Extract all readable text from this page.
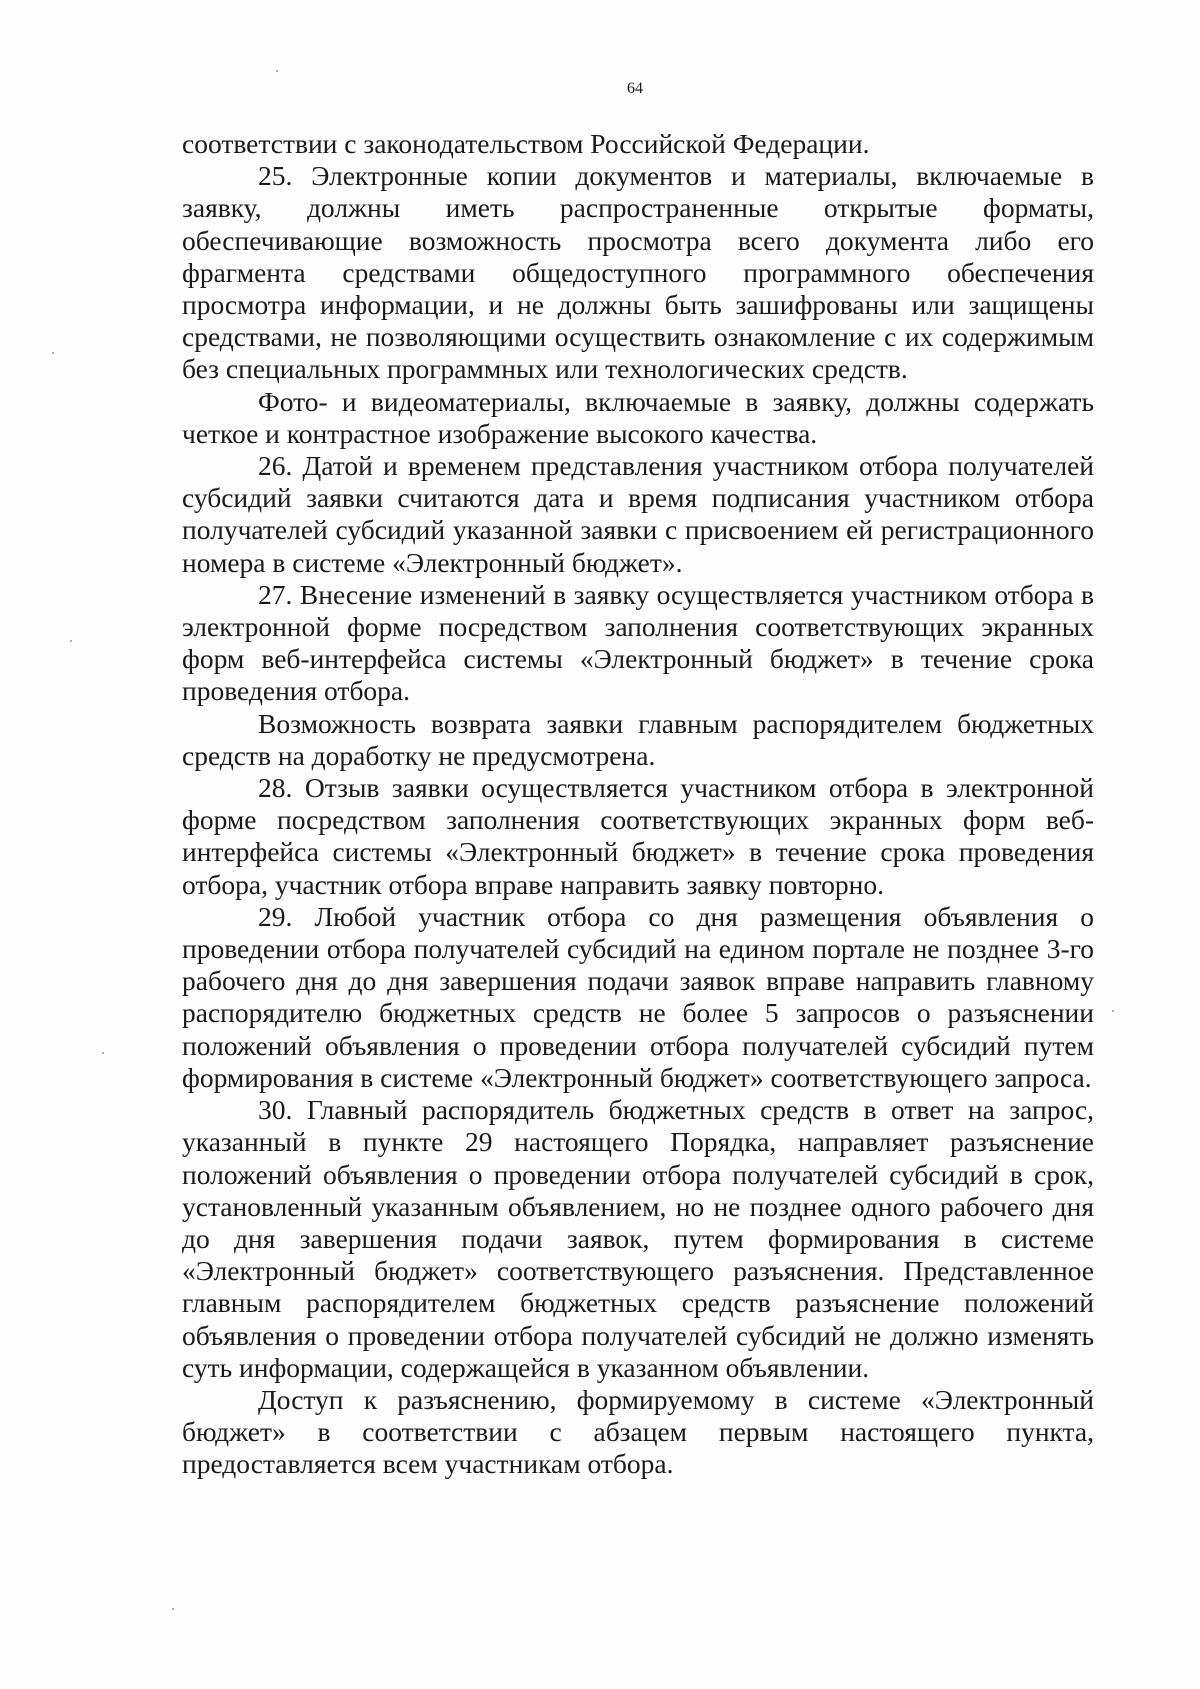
64

соответствии с законодательством Российской Федерации.

25. Электронные копии документов и материалы, включаемые в заявку, должны иметь распространенные открытые форматы, обеспечивающие возможность просмотра всего документа либо его фрагмента средствами общедоступного программного обеспечения просмотра информации, и не должны быть зашифрованы или защищены средствами, не позволяющими осуществить ознакомление с их содержимым без специальных программных или технологических средств.

Фото- и видеоматериалы, включаемые в заявку, должны содержать четкое и контрастное изображение высокого качества.

26. Датой и временем представления участником отбора получателей субсидий заявки считаются дата и время подписания участником отбора получателей субсидий указанной заявки с присвоением ей регистрационного номера в системе «Электронный бюджет».

27. Внесение изменений в заявку осуществляется участником отбора в электронной форме посредством заполнения соответствующих экранных форм веб-интерфейса системы «Электронный бюджет» в течение срока проведения отбора.

Возможность возврата заявки главным распорядителем бюджетных средств на доработку не предусмотрена.

28. Отзыв заявки осуществляется участником отбора в электронной форме посредством заполнения соответствующих экранных форм веб-интерфейса системы «Электронный бюджет» в течение срока проведения отбора, участник отбора вправе направить заявку повторно.

29. Любой участник отбора со дня размещения объявления о проведении отбора получателей субсидий на едином портале не позднее 3-го рабочего дня до дня завершения подачи заявок вправе направить главному распорядителю бюджетных средств не более 5 запросов о разъяснении положений объявления о проведении отбора получателей субсидий путем формирования в системе «Электронный бюджет» соответствующего запроса.

30. Главный распорядитель бюджетных средств в ответ на запрос, указанный в пункте 29 настоящего Порядка, направляет разъяснение положений объявления о проведении отбора получателей субсидий в срок, установленный указанным объявлением, но не позднее одного рабочего дня до дня завершения подачи заявок, путем формирования в системе «Электронный бюджет» соответствующего разъяснения. Представленное главным распорядителем бюджетных средств разъяснение положений объявления о проведении отбора получателей субсидий не должно изменять суть информации, содержащейся в указанном объявлении.

Доступ к разъяснению, формируемому в системе «Электронный бюджет» в соответствии с абзацем первым настоящего пункта, предоставляется всем участникам отбора.
